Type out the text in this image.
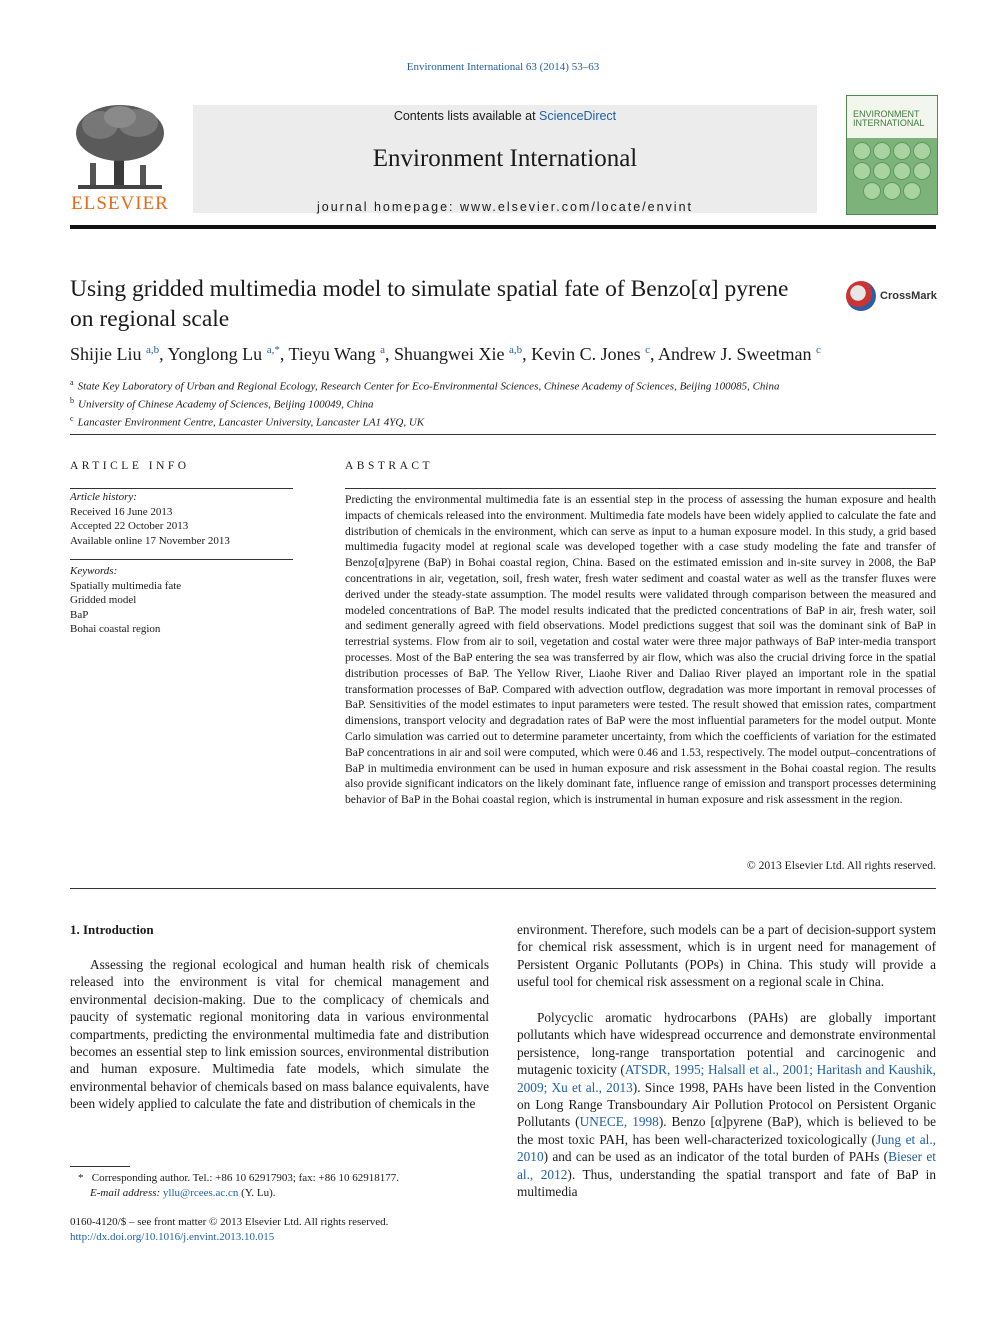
Environment International 63 (2014) 53–63
ELSEVIER
Contents lists available at ScienceDirect
Environment International
journal homepage: www.elsevier.com/locate/envint
ENVIRONMENT INTERNATIONAL
Using gridded multimedia model to simulate spatial fate of Benzo[α] pyrene on regional scale
CrossMark
Shijie Liu $^{a,b}$, Yonglong Lu $^{a,*}$, Tieyu Wang $^a$, Shuangwei Xie $^{a,b}$, Kevin C. Jones $^c$, Andrew J. Sweetman $^c$
$^a$ State Key Laboratory of Urban and Regional Ecology, Research Center for Eco-Environmental Sciences, Chinese Academy of Sciences, Beijing 100085, China
$^b$ University of Chinese Academy of Sciences, Beijing 100049, China
$^c$ Lancaster Environment Centre, Lancaster University, Lancaster LA1 4YQ, UK
ARTICLE INFO	ABSTRACT
Article history:
Received 16 June 2013
Accepted 22 October 2013
Available online 17 November 2013
Keywords:
Spatially multimedia fate
Gridded model
BaP
Bohai coastal region
Predicting the environmental multimedia fate is an essential step in the process of assessing the human exposure and health impacts of chemicals released into the environment. Multimedia fate models have been widely applied to calculate the fate and distribution of chemicals in the environment, which can serve as input to a human exposure model. In this study, a grid based multimedia fugacity model at regional scale was developed together with a case study modeling the fate and transfer of Benzo[α]pyrene (BaP) in Bohai coastal region, China. Based on the estimated emission and in-site survey in 2008, the BaP concentrations in air, vegetation, soil, fresh water, fresh water sediment and coastal water as well as the transfer fluxes were derived under the steady-state assumption. The model results were validated through comparison between the measured and modeled concentrations of BaP. The model results indicated that the predicted concentrations of BaP in air, fresh water, soil and sediment generally agreed with field observations. Model predictions suggest that soil was the dominant sink of BaP in terrestrial systems. Flow from air to soil, vegetation and costal water were three major pathways of BaP inter-media transport processes. Most of the BaP entering the sea was transferred by air flow, which was also the crucial driving force in the spatial distribution processes of BaP. The Yellow River, Liaohe River and Daliao River played an important role in the spatial transformation processes of BaP. Compared with advection outflow, degradation was more important in removal processes of BaP. Sensitivities of the model estimates to input parameters were tested. The result showed that emission rates, compartment dimensions, transport velocity and degradation rates of BaP were the most influential parameters for the model output. Monte Carlo simulation was carried out to determine parameter uncertainty, from which the coefficients of variation for the estimated BaP concentrations in air and soil were computed, which were 0.46 and 1.53, respectively. The model output–concentrations of BaP in multimedia environment can be used in human exposure and risk assessment in the Bohai coastal region. The results also provide significant indicators on the likely dominant fate, influence range of emission and transport processes determining behavior of BaP in the Bohai coastal region, which is instrumental in human exposure and risk assessment in the region.
© 2013 Elsevier Ltd. All rights reserved.
1. Introduction
Assessing the regional ecological and human health risk of chemicals released into the environment is vital for chemical management and environmental decision-making. Due to the complicacy of chemicals and paucity of systematic regional monitoring data in various environmental compartments, predicting the environmental multimedia fate and distribution becomes an essential step to link emission sources, environmental distribution and human exposure. Multimedia fate models, which simulate the environmental behavior of chemicals based on mass balance equivalents, have been widely applied to calculate the fate and distribution of chemicals in the
environment. Therefore, such models can be a part of decision-support system for chemical risk assessment, which is in urgent need for management of Persistent Organic Pollutants (POPs) in China. This study will provide a useful tool for chemical risk assessment on a regional scale in China.
Polycyclic aromatic hydrocarbons (PAHs) are globally important pollutants which have widespread occurrence and demonstrate environmental persistence, long-range transportation potential and carcinogenic and mutagenic toxicity (ATSDR, 1995; Halsall et al., 2001; Haritash and Kaushik, 2009; Xu et al., 2013). Since 1998, PAHs have been listed in the Convention on Long Range Transboundary Air Pollution Protocol on Persistent Organic Pollutants (UNECE, 1998). Benzo [α]pyrene (BaP), which is believed to be the most toxic PAH, has been well-characterized toxicologically (Jung et al., 2010) and can be used as an indicator of the total burden of PAHs (Bieser et al., 2012). Thus, understanding the spatial transport and fate of BaP in multimedia
* Corresponding author. Tel.: +86 10 62917903; fax: +86 10 62918177.
E-mail address: yllu@rcees.ac.cn (Y. Lu).
0160-4120/$ – see front matter © 2013 Elsevier Ltd. All rights reserved.
http://dx.doi.org/10.1016/j.envint.2013.10.015
